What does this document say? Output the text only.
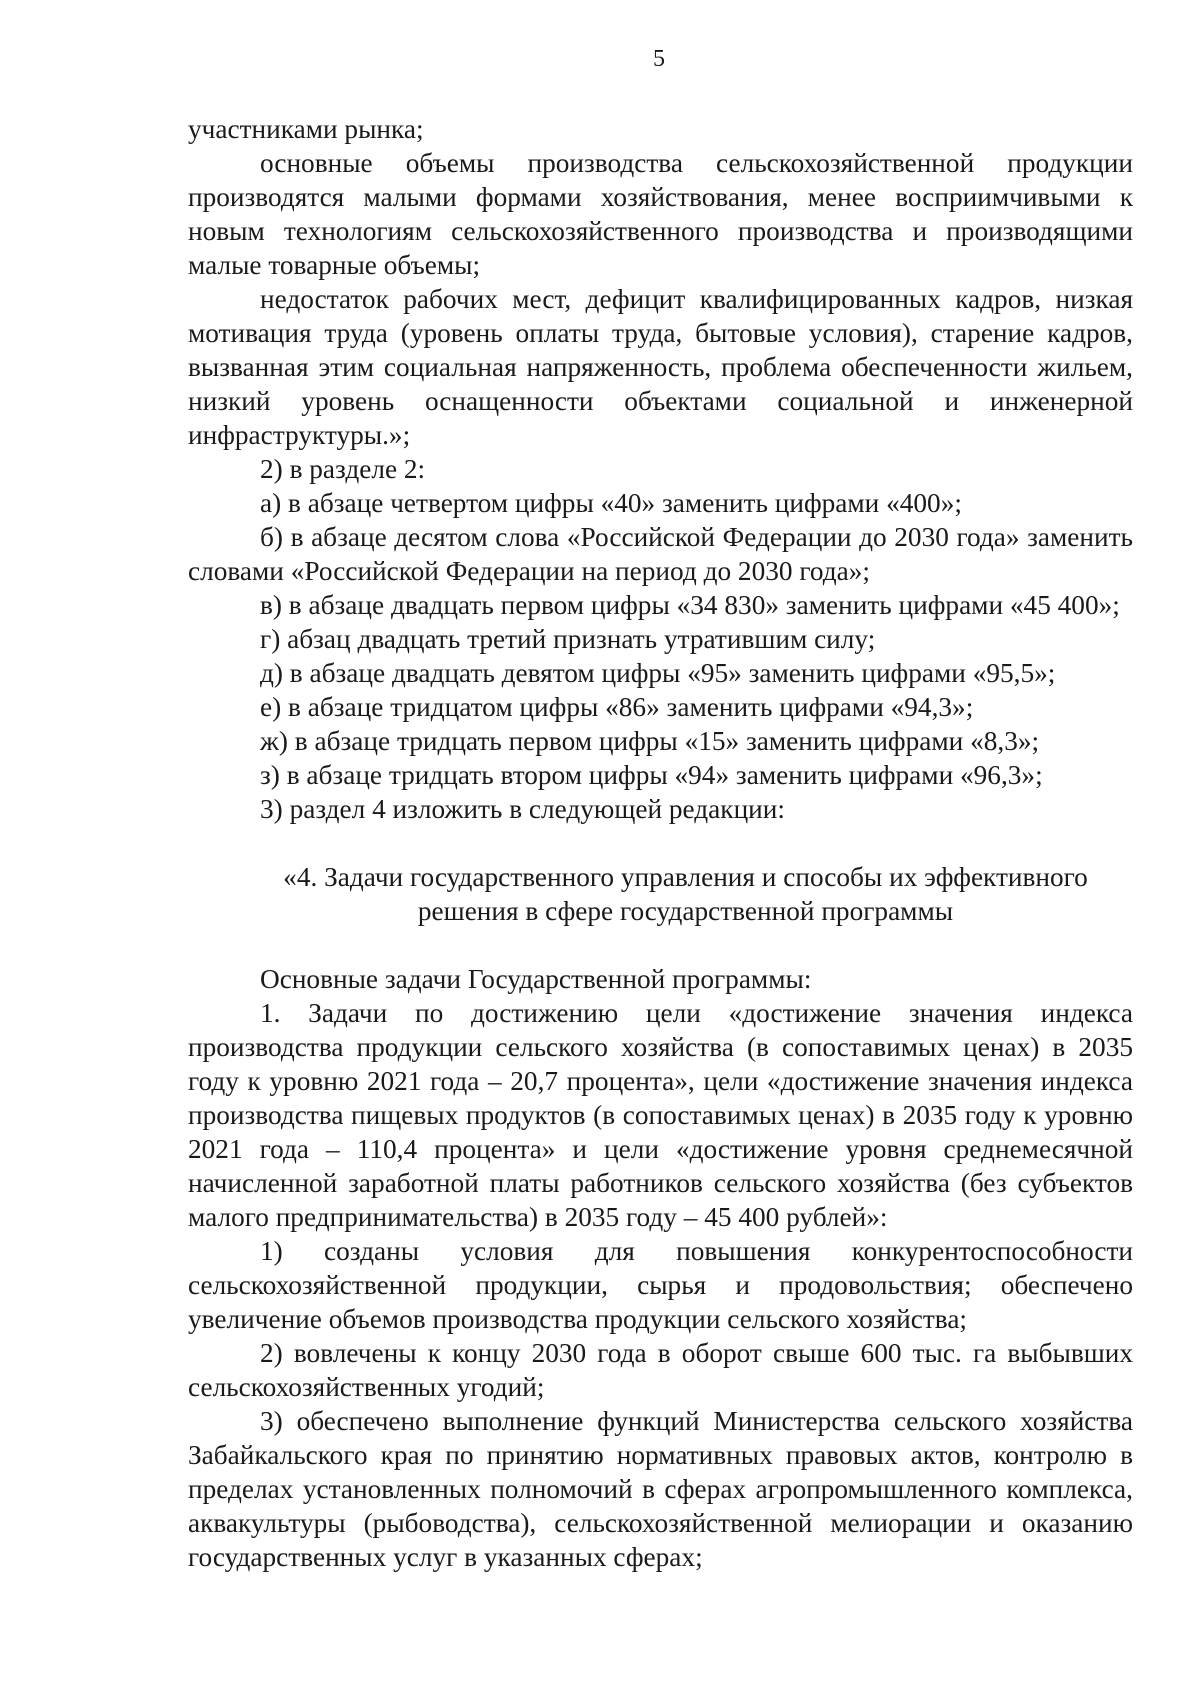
5

участниками рынка;

основные объемы производства сельскохозяйственной продукции производятся малыми формами хозяйствования, менее восприимчивыми к новым технологиям сельскохозяйственного производства и производящими малые товарные объемы;

недостаток рабочих мест, дефицит квалифицированных кадров, низкая мотивация труда (уровень оплаты труда, бытовые условия), старение кадров, вызванная этим социальная напряженность, проблема обеспеченности жильем, низкий уровень оснащенности объектами социальной и инженерной инфраструктуры.»;

2) в разделе 2:

а) в абзаце четвертом цифры «40» заменить цифрами «400»;

б) в абзаце десятом слова «Российской Федерации до 2030 года» заменить словами «Российской Федерации на период до 2030 года»;

в) в абзаце двадцать первом цифры «34 830» заменить цифрами «45 400»;

г) абзац двадцать третий признать утратившим силу;

д) в абзаце двадцать девятом цифры «95» заменить цифрами «95,5»;

е) в абзаце тридцатом цифры «86» заменить цифрами «94,3»;

ж) в абзаце тридцать первом цифры «15» заменить цифрами «8,3»;

з) в абзаце тридцать втором цифры «94» заменить цифрами «96,3»;

3) раздел 4 изложить в следующей редакции:

«4. Задачи государственного управления и способы их эффективного
решения в сфере государственной программы

Основные задачи Государственной программы:

1. Задачи по достижению цели «достижение значения индекса производства продукции сельского хозяйства (в сопоставимых ценах) в 2035 году к уровню 2021 года – 20,7 процента», цели «достижение значения индекса производства пищевых продуктов (в сопоставимых ценах) в 2035 году к уровню 2021 года – 110,4 процента» и цели «достижение уровня среднемесячной начисленной заработной платы работников сельского хозяйства (без субъектов малого предпринимательства) в 2035 году – 45 400 рублей»:

1) созданы условия для повышения конкурентоспособности сельскохозяйственной продукции, сырья и продовольствия; обеспечено увеличение объемов производства продукции сельского хозяйства;

2) вовлечены к концу 2030 года в оборот свыше 600 тыс. га выбывших сельскохозяйственных угодий;

3) обеспечено выполнение функций Министерства сельского хозяйства Забайкальского края по принятию нормативных правовых актов, контролю в пределах установленных полномочий в сферах агропромышленного комплекса, аквакультуры (рыбоводства), сельскохозяйственной мелиорации и оказанию государственных услуг в указанных сферах;
